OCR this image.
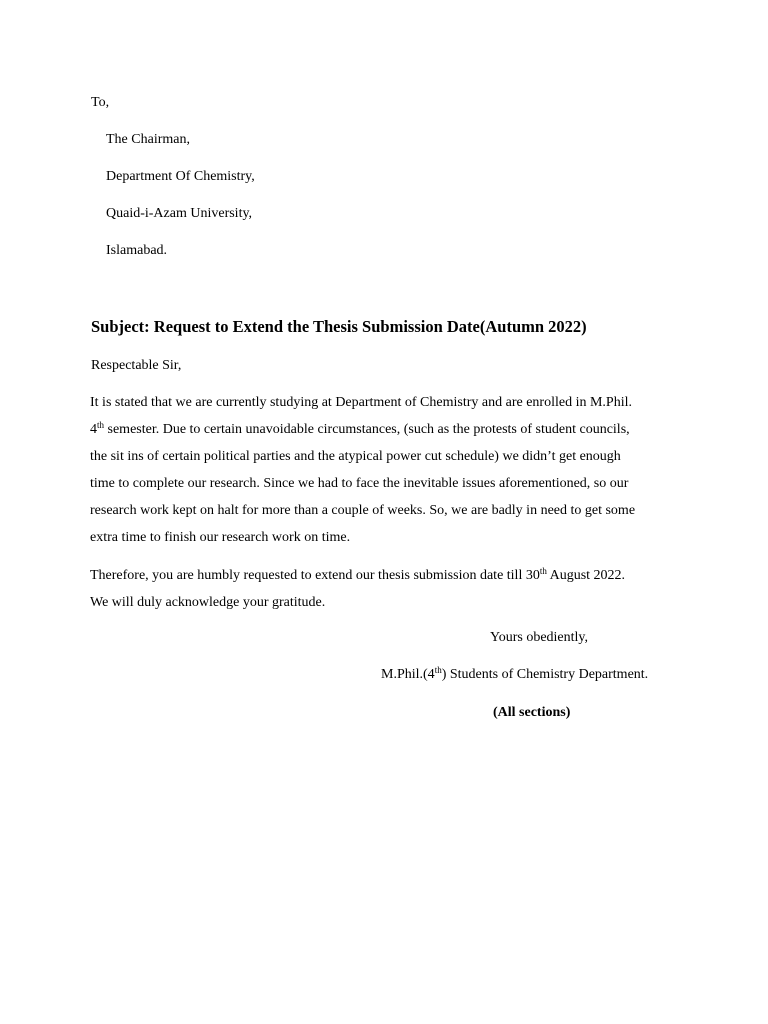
To,
The Chairman,
Department Of Chemistry,
Quaid-i-Azam University,
Islamabad.
Subject: Request to Extend the Thesis Submission Date(Autumn 2022)
Respectable Sir,
It is stated that we are currently studying at Department of Chemistry and are enrolled in M.Phil.
4th semester. Due to certain unavoidable circumstances, (such as the protests of student councils,
the sit ins of certain political parties and the atypical power cut schedule) we didn’t get enough
time to complete our research. Since we had to face the inevitable issues aforementioned, so our
research work kept on halt for more than a couple of weeks. So, we are badly in need to get some
extra time to finish our research work on time.
Therefore, you are humbly requested to extend our thesis submission date till 30th August 2022.
We will duly acknowledge your gratitude.
Yours obediently,
M.Phil.(4th) Students of Chemistry Department.
(All sections)
